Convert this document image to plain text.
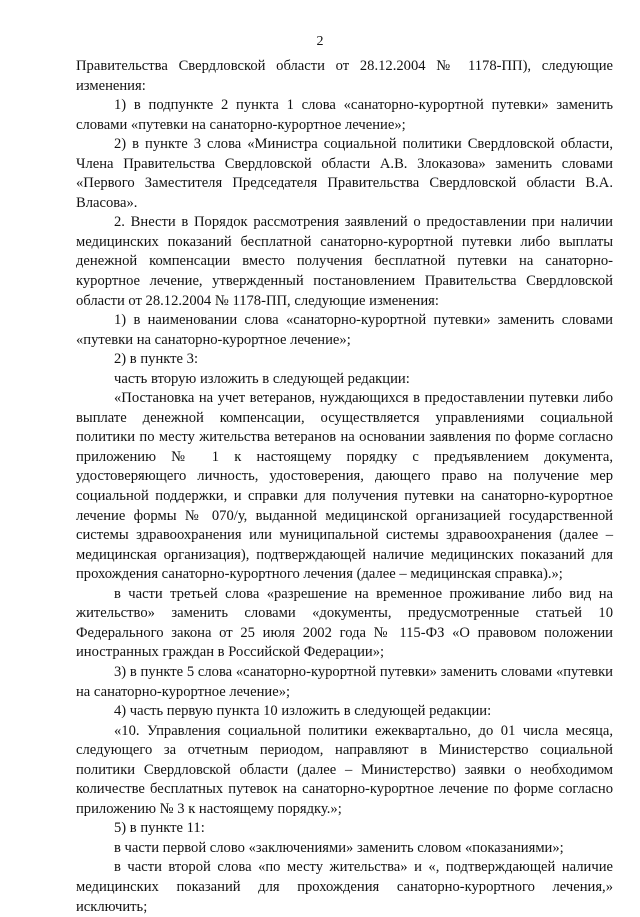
2

Правительства Свердловской области от 28.12.2004 № 1178-ПП), следующие изменения:

1) в подпункте 2 пункта 1 слова «санаторно-курортной путевки» заменить словами «путевки на санаторно-курортное лечение»;

2) в пункте 3 слова «Министра социальной политики Свердловской области, Члена Правительства Свердловской области А.В. Злоказова» заменить словами «Первого Заместителя Председателя Правительства Свердловской области В.А. Власова».

2. Внести в Порядок рассмотрения заявлений о предоставлении при наличии медицинских показаний бесплатной санаторно-курортной путевки либо выплаты денежной компенсации вместо получения бесплатной путевки на санаторно-курортное лечение, утвержденный постановлением Правительства Свердловской области от 28.12.2004 № 1178-ПП, следующие изменения:

1) в наименовании слова «санаторно-курортной путевки» заменить словами «путевки на санаторно-курортное лечение»;

2) в пункте 3:

часть вторую изложить в следующей редакции:

«Постановка на учет ветеранов, нуждающихся в предоставлении путевки либо выплате денежной компенсации, осуществляется управлениями социальной политики по месту жительства ветеранов на основании заявления по форме согласно приложению № 1 к настоящему порядку с предъявлением документа, удостоверяющего личность, удостоверения, дающего право на получение мер социальной поддержки, и справки для получения путевки на санаторно-курортное лечение формы № 070/у, выданной медицинской организацией государственной системы здравоохранения или муниципальной системы здравоохранения (далее – медицинская организация), подтверждающей наличие медицинских показаний для прохождения санаторно-курортного лечения (далее – медицинская справка).»;

в части третьей слова «разрешение на временное проживание либо вид на жительство» заменить словами «документы, предусмотренные статьей 10 Федерального закона от 25 июля 2002 года № 115-ФЗ «О правовом положении иностранных граждан в Российской Федерации»;

3) в пункте 5 слова «санаторно-курортной путевки» заменить словами «путевки на санаторно-курортное лечение»;

4) часть первую пункта 10 изложить в следующей редакции:

«10. Управления социальной политики ежеквартально, до 01 числа месяца, следующего за отчетным периодом, направляют в Министерство социальной политики Свердловской области (далее – Министерство) заявки о необходимом количестве бесплатных путевок на санаторно-курортное лечение по форме согласно приложению № 3 к настоящему порядку.»;

5) в пункте 11:

в части первой слово «заключениями» заменить словом «показаниями»;

в части второй слова «по месту жительства» и «, подтверждающей наличие медицинских показаний для прохождения санаторно-курортного лечения,» исключить;
